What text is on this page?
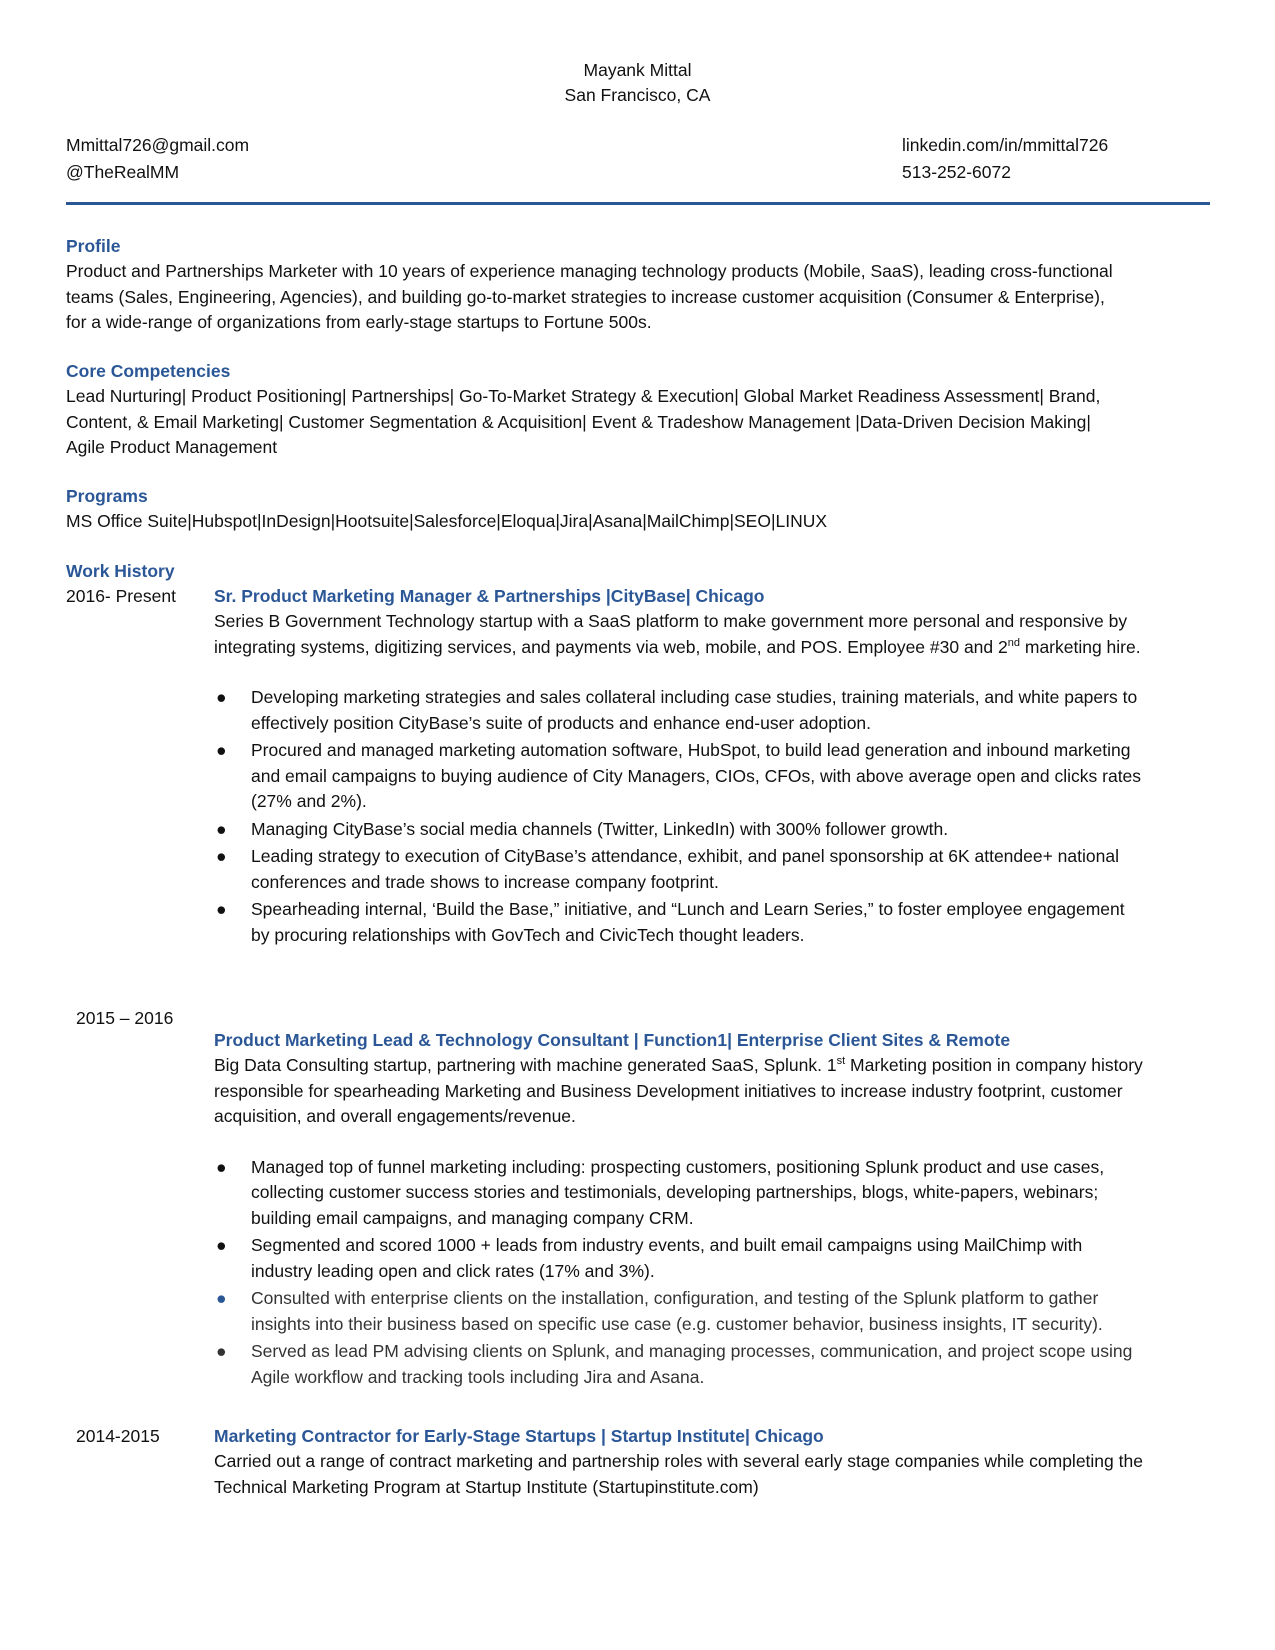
Mayank Mittal
San Francisco, CA
Mmittal726@gmail.com
@TheRealMM
linkedin.com/in/mmittal726
513-252-6072
Profile

Product and Partnerships Marketer with 10 years of experience managing technology products (Mobile, SaaS), leading cross-functional teams (Sales, Engineering, Agencies), and building go-to-market strategies to increase customer acquisition (Consumer & Enterprise), for a wide-range of organizations from early-stage startups to Fortune 500s.

Core Competencies

Lead Nurturing| Product Positioning| Partnerships| Go-To-Market Strategy & Execution| Global Market Readiness Assessment| Brand, Content, & Email Marketing| Customer Segmentation & Acquisition| Event & Tradeshow Management |Data-Driven Decision Making| Agile Product Management

Programs

MS Office Suite|Hubspot|InDesign|Hootsuite|Salesforce|Eloqua|Jira|Asana|MailChimp|SEO|LINUX

Work History
2016- Present	Sr. Product Marketing Manager & Partnerships |CityBase| Chicago

Series B Government Technology startup with a SaaS platform to make government more personal and responsive by integrating systems, digitizing services, and payments via web, mobile, and POS. Employee #30 and 2nd marketing hire.

● Developing marketing strategies and sales collateral including case studies, training materials, and white papers to effectively position CityBase’s suite of products and enhance end-user adoption.
● Procured and managed marketing automation software, HubSpot, to build lead generation and inbound marketing and email campaigns to buying audience of City Managers, CIOs, CFOs, with above average open and clicks rates (27% and 2%).
● Managing CityBase’s social media channels (Twitter, LinkedIn) with 300% follower growth.
● Leading strategy to execution of CityBase’s attendance, exhibit, and panel sponsorship at 6K attendee+ national conferences and trade shows to increase company footprint.
● Spearheading internal, ‘Build the Base,” initiative, and “Lunch and Learn Series,” to foster employee engagement by procuring relationships with GovTech and CivicTech thought leaders.
2015 – 2016
Product Marketing Lead & Technology Consultant | Function1| Enterprise Client Sites & Remote

Big Data Consulting startup, partnering with machine generated SaaS, Splunk. 1st Marketing position in company history responsible for spearheading Marketing and Business Development initiatives to increase industry footprint, customer acquisition, and overall engagements/revenue.

● Managed top of funnel marketing including: prospecting customers, positioning Splunk product and use cases, collecting customer success stories and testimonials, developing partnerships, blogs, white-papers, webinars; building email campaigns, and managing company CRM.
● Segmented and scored 1000 + leads from industry events, and built email campaigns using MailChimp with industry leading open and click rates (17% and 3%).
● Consulted with enterprise clients on the installation, configuration, and testing of the Splunk platform to gather insights into their business based on specific use case (e.g. customer behavior, business insights, IT security).
● Served as lead PM advising clients on Splunk, and managing processes, communication, and project scope using Agile workflow and tracking tools including Jira and Asana.
2014-2015	Marketing Contractor for Early-Stage Startups | Startup Institute| Chicago

Carried out a range of contract marketing and partnership roles with several early stage companies while completing the Technical Marketing Program at Startup Institute (Startupinstitute.com)
